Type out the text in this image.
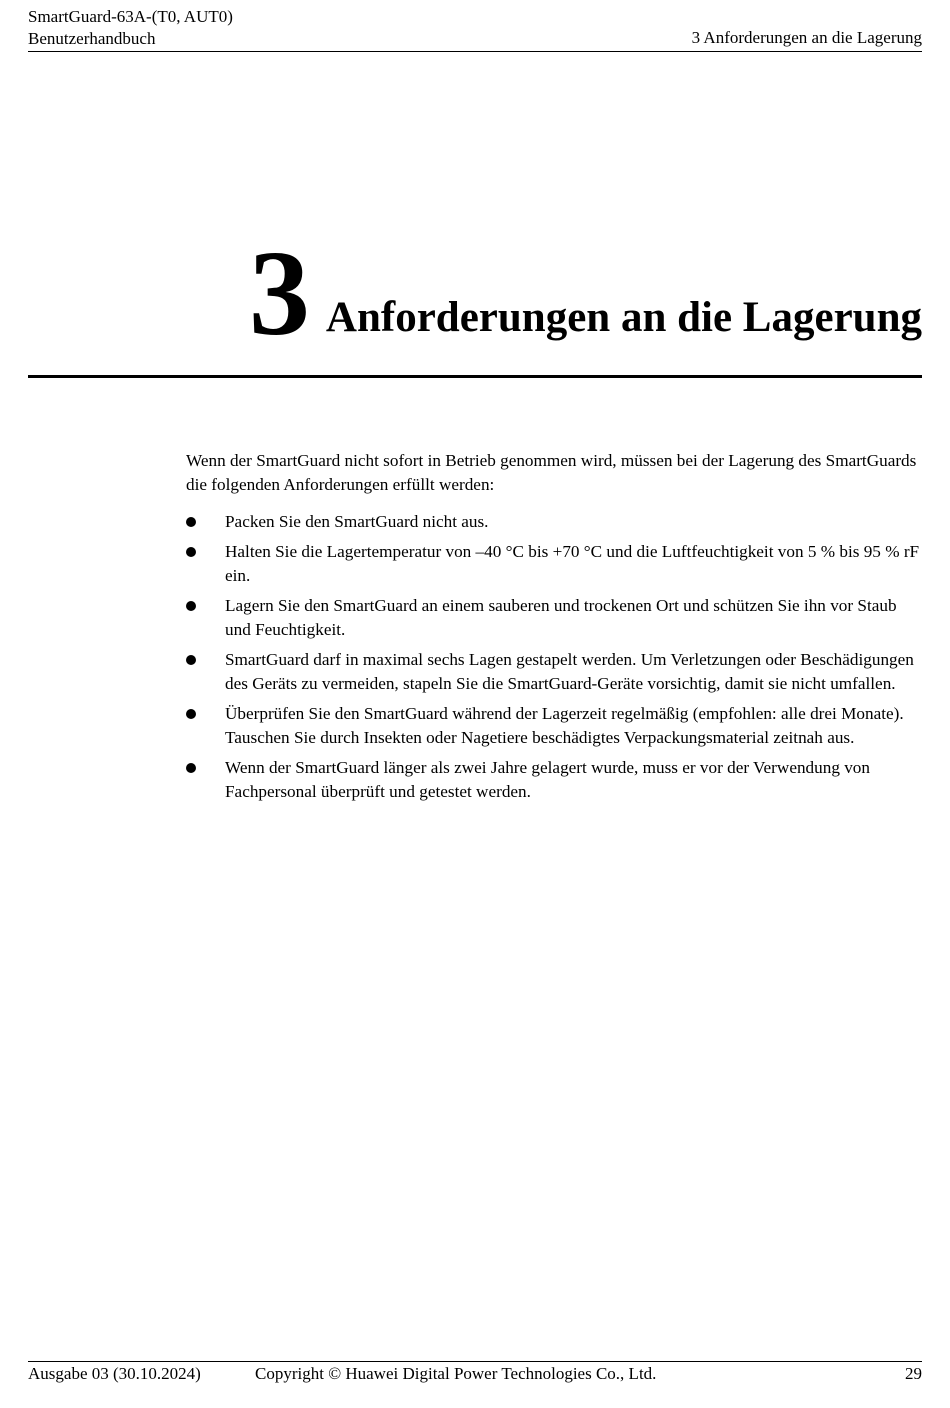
SmartGuard-63A-(T0, AUT0)
Benutzerhandbuch	3 Anforderungen an die Lagerung
3 Anforderungen an die Lagerung

Wenn der SmartGuard nicht sofort in Betrieb genommen wird, müssen bei der Lagerung des SmartGuards die folgenden Anforderungen erfüllt werden:

Packen Sie den SmartGuard nicht aus.
Halten Sie die Lagertemperatur von –40 °C bis +70 °C und die Luftfeuchtigkeit von 5 % bis 95 % rF ein.
Lagern Sie den SmartGuard an einem sauberen und trockenen Ort und schützen Sie ihn vor Staub und Feuchtigkeit.
SmartGuard darf in maximal sechs Lagen gestapelt werden. Um Verletzungen oder Beschädigungen des Geräts zu vermeiden, stapeln Sie die SmartGuard-Geräte vorsichtig, damit sie nicht umfallen.
Überprüfen Sie den SmartGuard während der Lagerzeit regelmäßig (empfohlen: alle drei Monate). Tauschen Sie durch Insekten oder Nagetiere beschädigtes Verpackungsmaterial zeitnah aus.
Wenn der SmartGuard länger als zwei Jahre gelagert wurde, muss er vor der Verwendung von Fachpersonal überprüft und getestet werden.
Ausgabe 03 (30.10.2024)	Copyright © Huawei Digital Power Technologies Co., Ltd.	29
